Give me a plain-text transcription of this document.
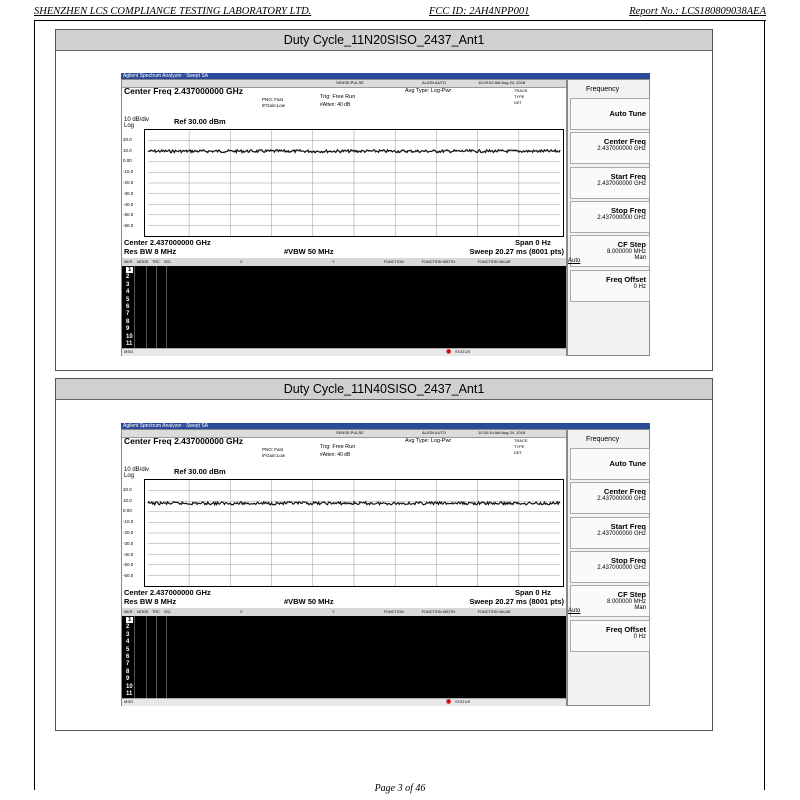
SHENZHEN LCS COMPLIANCE TESTING LABORATORY LTD.	FCC ID: 2AH4NPP001	Report No.: LCS180809038AEA
Duty Cycle_11N20SISO_2437_Ant1
Duty Cycle_11N40SISO_2437_Ant1
Agilent Spectrum Analyzer - Swept SA
SENSE:PULSE	ALIGN AUTO	10:29:52 AM Aug 24, 2018
Center Freq 2.437000000 GHz
PNO: Fast
IFGain:Low
Trig: Free Run
#Atten: 40 dB
Avg Type: Log-Pwr	TRACE
TYPE
DET
10 dB/div
Log	Ref 30.00 dBm
20.0
10.0
0.00
-10.0
-20.0
-30.0
-40.0
-50.0
-60.0
Center 2.437000000 GHz
Res BW 8 MHz	#VBW 50 MHz
Span 0 Hz
Sweep 20.27 ms (8001 pts)
MKR MODE TRC SCL	X	Y	FUNCTION	FUNCTION WIDTH	FUNCTION VALUE
1
2
3
4
5
6
7
8
9
10
11
MSG	◉ STATUS
Frequency
Auto Tune
Center Freq
2.437000000 GHz
Start Freq
2.437000000 GHz
Stop Freq
2.437000000 GHz
CF Step
8.000000 MHz
Man
Auto
Freq Offset
0 Hz
Agilent Spectrum Analyzer - Swept SA
SENSE:PULSE	ALIGN AUTO	10:30:19 AM Aug 24, 2018
Center Freq 2.437000000 GHz
PNO: Fast
IFGain:Low
Trig: Free Run
#Atten: 40 dB
Avg Type: Log-Pwr	TRACE
TYPE
DET
10 dB/div
Log	Ref 30.00 dBm
20.0
10.0
0.00
-10.0
-20.0
-30.0
-40.0
-50.0
-60.0
Center 2.437000000 GHz
Res BW 8 MHz	#VBW 50 MHz
Span 0 Hz
Sweep 20.27 ms (8001 pts)
MKR MODE TRC SCL	X	Y	FUNCTION	FUNCTION WIDTH	FUNCTION VALUE
1
2
3
4
5
6
7
8
9
10
11
MSG	◉ STATUS
Frequency
Auto Tune
Center Freq
2.437000000 GHz
Start Freq
2.437000000 GHz
Stop Freq
2.437000000 GHz
CF Step
8.000000 MHz
Man
Auto
Freq Offset
0 Hz
Page 3 of 46
